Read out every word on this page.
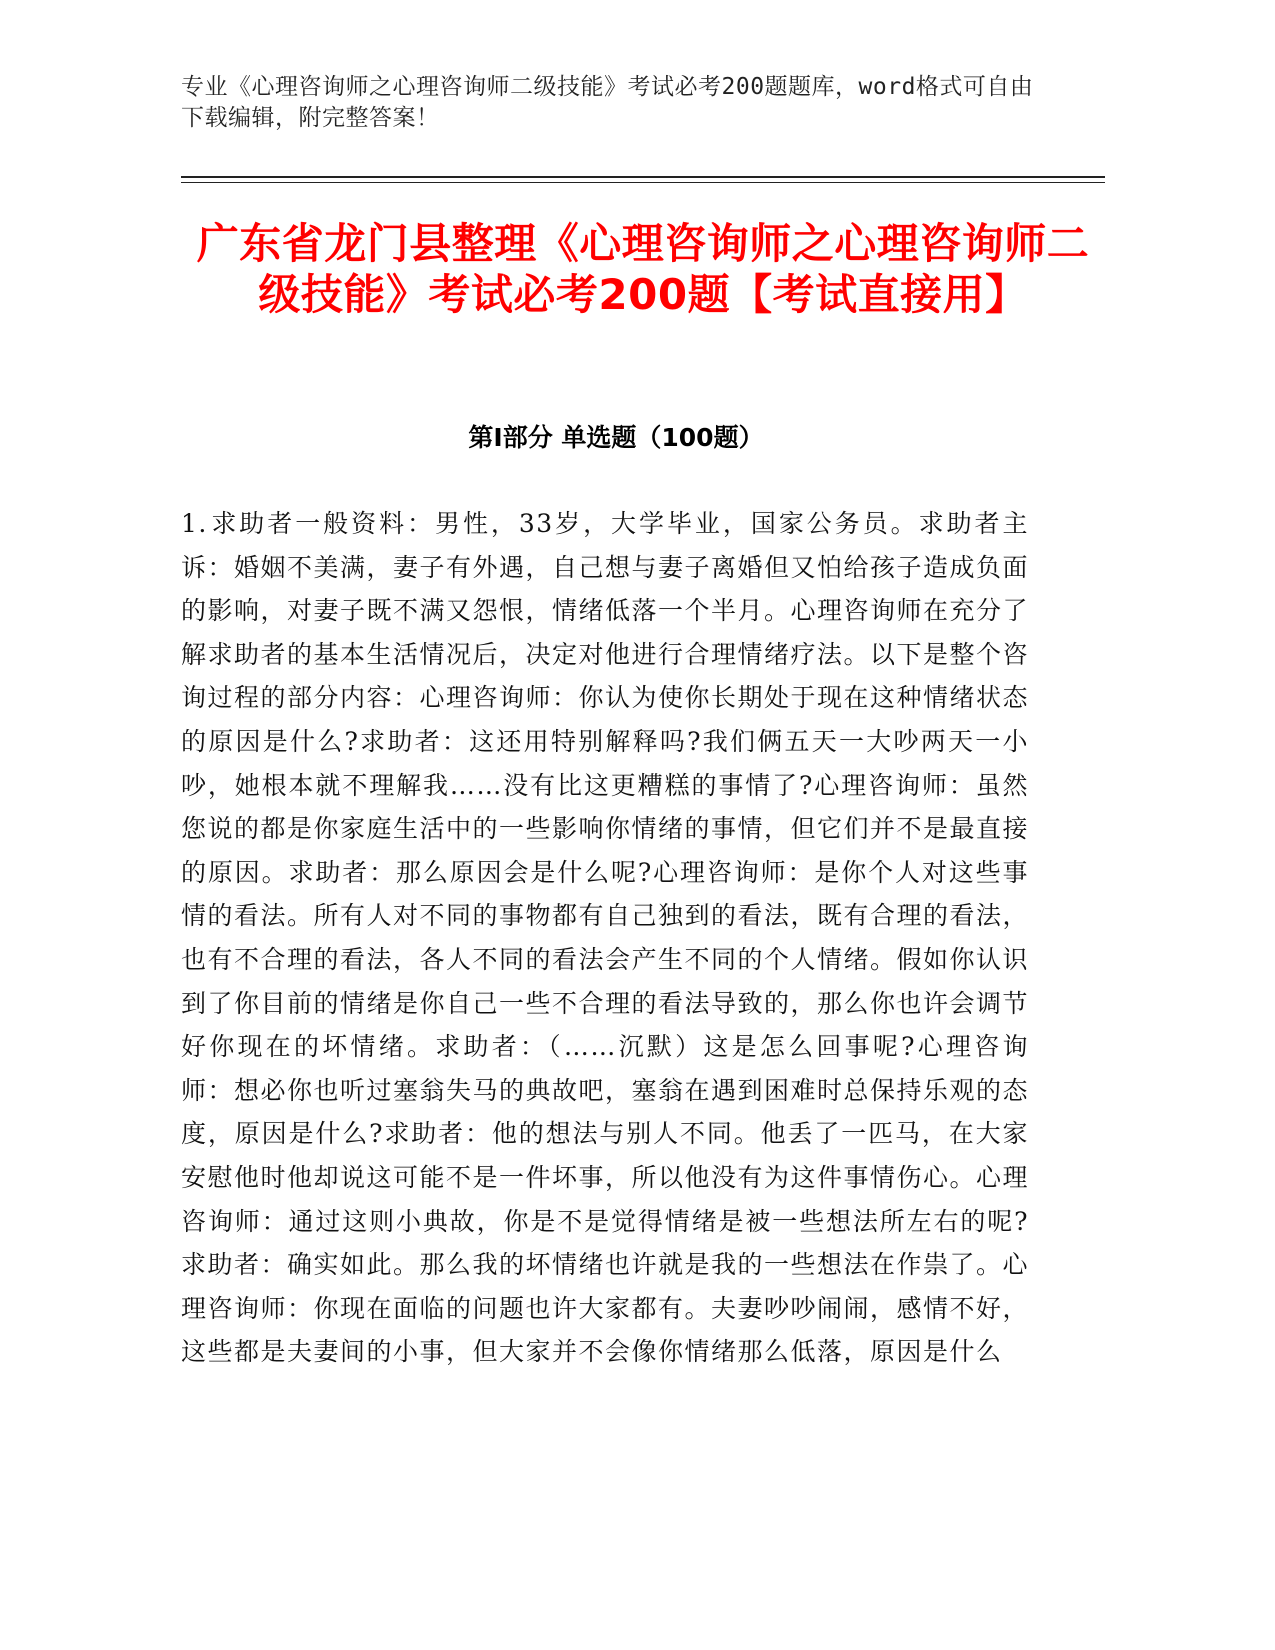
专业《心理咨询师之心理咨询师二级技能》考试必考200题题库，word格式可自由下载编辑，附完整答案！
广东省龙门县整理《心理咨询师之心理咨询师二级技能》考试必考200题【考试直接用】
第Ⅰ部分 单选题（100题）
1.求助者一般资料：男性，33岁，大学毕业，国家公务员。求助者主诉：婚姻不美满，妻子有外遇，自己想与妻子离婚但又怕给孩子造成负面的影响，对妻子既不满又怨恨，情绪低落一个半月。心理咨询师在充分了解求助者的基本生活情况后，决定对他进行合理情绪疗法。以下是整个咨询过程的部分内容：心理咨询师：你认为使你长期处于现在这种情绪状态的原因是什么?求助者：这还用特别解释吗?我们俩五天一大吵两天一小吵，她根本就不理解我……没有比这更糟糕的事情了?心理咨询师：虽然您说的都是你家庭生活中的一些影响你情绪的事情，但它们并不是最直接的原因。求助者：那么原因会是什么呢?心理咨询师：是你个人对这些事情的看法。所有人对不同的事物都有自己独到的看法，既有合理的看法，也有不合理的看法，各人不同的看法会产生不同的个人情绪。假如你认识到了你目前的情绪是你自己一些不合理的看法导致的，那么你也许会调节好你现在的坏情绪。求助者：（……沉默）这是怎么回事呢?心理咨询师：想必你也听过塞翁失马的典故吧，塞翁在遇到困难时总保持乐观的态度，原因是什么?求助者：他的想法与别人不同。他丢了一匹马，在大家安慰他时他却说这可能不是一件坏事，所以他没有为这件事情伤心。心理咨询师：通过这则小典故，你是不是觉得情绪是被一些想法所左右的呢?求助者：确实如此。那么我的坏情绪也许就是我的一些想法在作祟了。心理咨询师：你现在面临的问题也许大家都有。夫妻吵吵闹闹，感情不好，这些都是夫妻间的小事，但大家并不会像你情绪那么低落，原因是什么
